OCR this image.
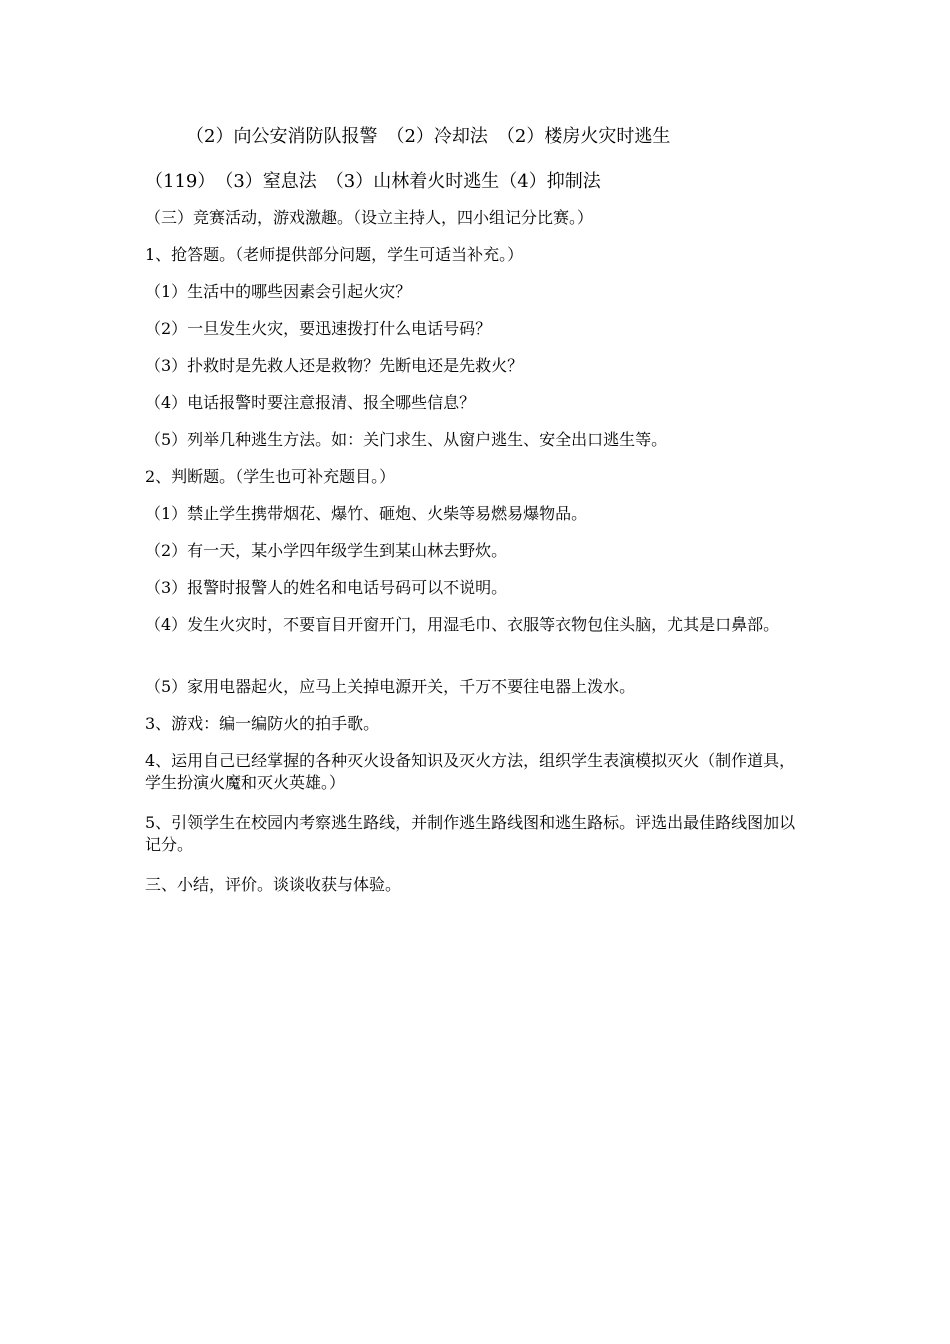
（2）向公安消防队报警　（2）冷却法　（2）楼房火灾时逃生
（119）　（3）窒息法　（3）山林着火时逃生（4）抑制法
（三）竞赛活动，游戏激趣。（设立主持人，四小组记分比赛。）
1、抢答题。（老师提供部分问题，学生可适当补充。）
（1）生活中的哪些因素会引起火灾？
（2）一旦发生火灾，要迅速拨打什么电话号码？
（3）扑救时是先救人还是救物？先断电还是先救火？
（4）电话报警时要注意报清、报全哪些信息？
（5）列举几种逃生方法。如：关门求生、从窗户逃生、安全出口逃生等。
2、判断题。（学生也可补充题目。）
（1）禁止学生携带烟花、爆竹、砸炮、火柴等易燃易爆物品。
（2）有一天，某小学四年级学生到某山林去野炊。
（3）报警时报警人的姓名和电话号码可以不说明。
（4）发生火灾时，不要盲目开窗开门，用湿毛巾、衣服等衣物包住头脑，尤其是口鼻部。
（5）家用电器起火，应马上关掉电源开关，千万不要往电器上泼水。
3、游戏：编一编防火的拍手歌。
4、运用自己已经掌握的各种灭火设备知识及灭火方法，组织学生表演模拟灭火（制作道具，学生扮演火魔和灭火英雄。）
5、引领学生在校园内考察逃生路线，并制作逃生路线图和逃生路标。评选出最佳路线图加以记分。
三、小结，评价。谈谈收获与体验。
